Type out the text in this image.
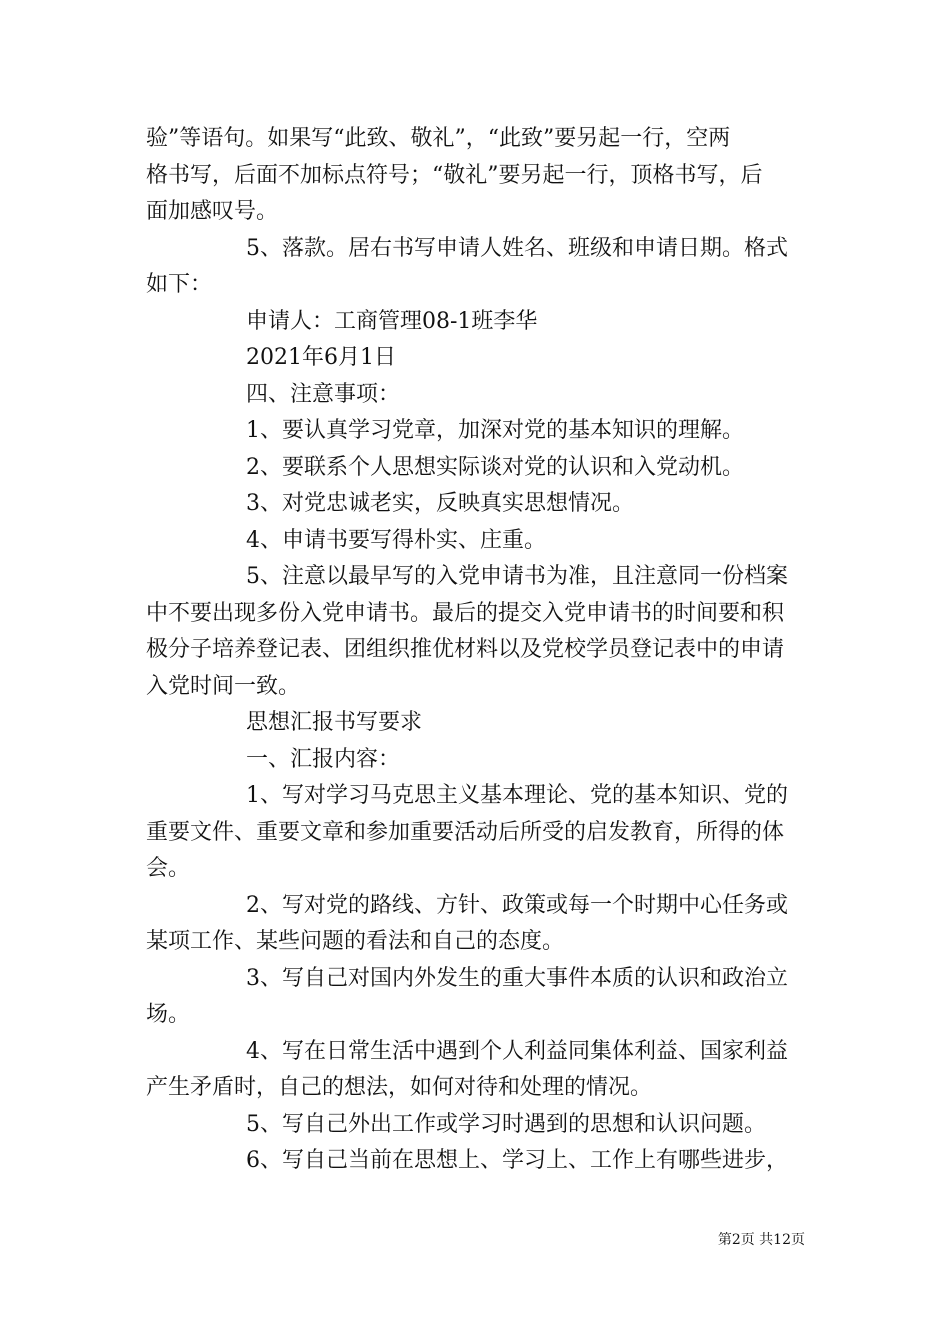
验”等语句。如果写“此致、敬礼”，“此致”要另起一行，空两
格书写，后面不加标点符号；“敬礼”要另起一行，顶格书写，后
面加感叹号。
5、落款。居右书写申请人姓名、班级和申请日期。格式
如下：
申请人：工商管理08-1班李华
2021年6月1日
四、注意事项：
1、要认真学习党章，加深对党的基本知识的理解。
2、要联系个人思想实际谈对党的认识和入党动机。
3、对党忠诚老实，反映真实思想情况。
4、申请书要写得朴实、庄重。
5、注意以最早写的入党申请书为准，且注意同一份档案
中不要出现多份入党申请书。最后的提交入党申请书的时间要和积
极分子培养登记表、团组织推优材料以及党校学员登记表中的申请
入党时间一致。
思想汇报书写要求
一、汇报内容：
1、写对学习马克思主义基本理论、党的基本知识、党的
重要文件、重要文章和参加重要活动后所受的启发教育，所得的体
会。
2、写对党的路线、方针、政策或每一个时期中心任务或
某项工作、某些问题的看法和自己的态度。
3、写自己对国内外发生的重大事件本质的认识和政治立
场。
4、写在日常生活中遇到个人利益同集体利益、国家利益
产生矛盾时，自己的想法，如何对待和处理的情况。
5、写自己外出工作或学习时遇到的思想和认识问题。
6、写自己当前在思想上、学习上、工作上有哪些进步，
第2页 共12页
